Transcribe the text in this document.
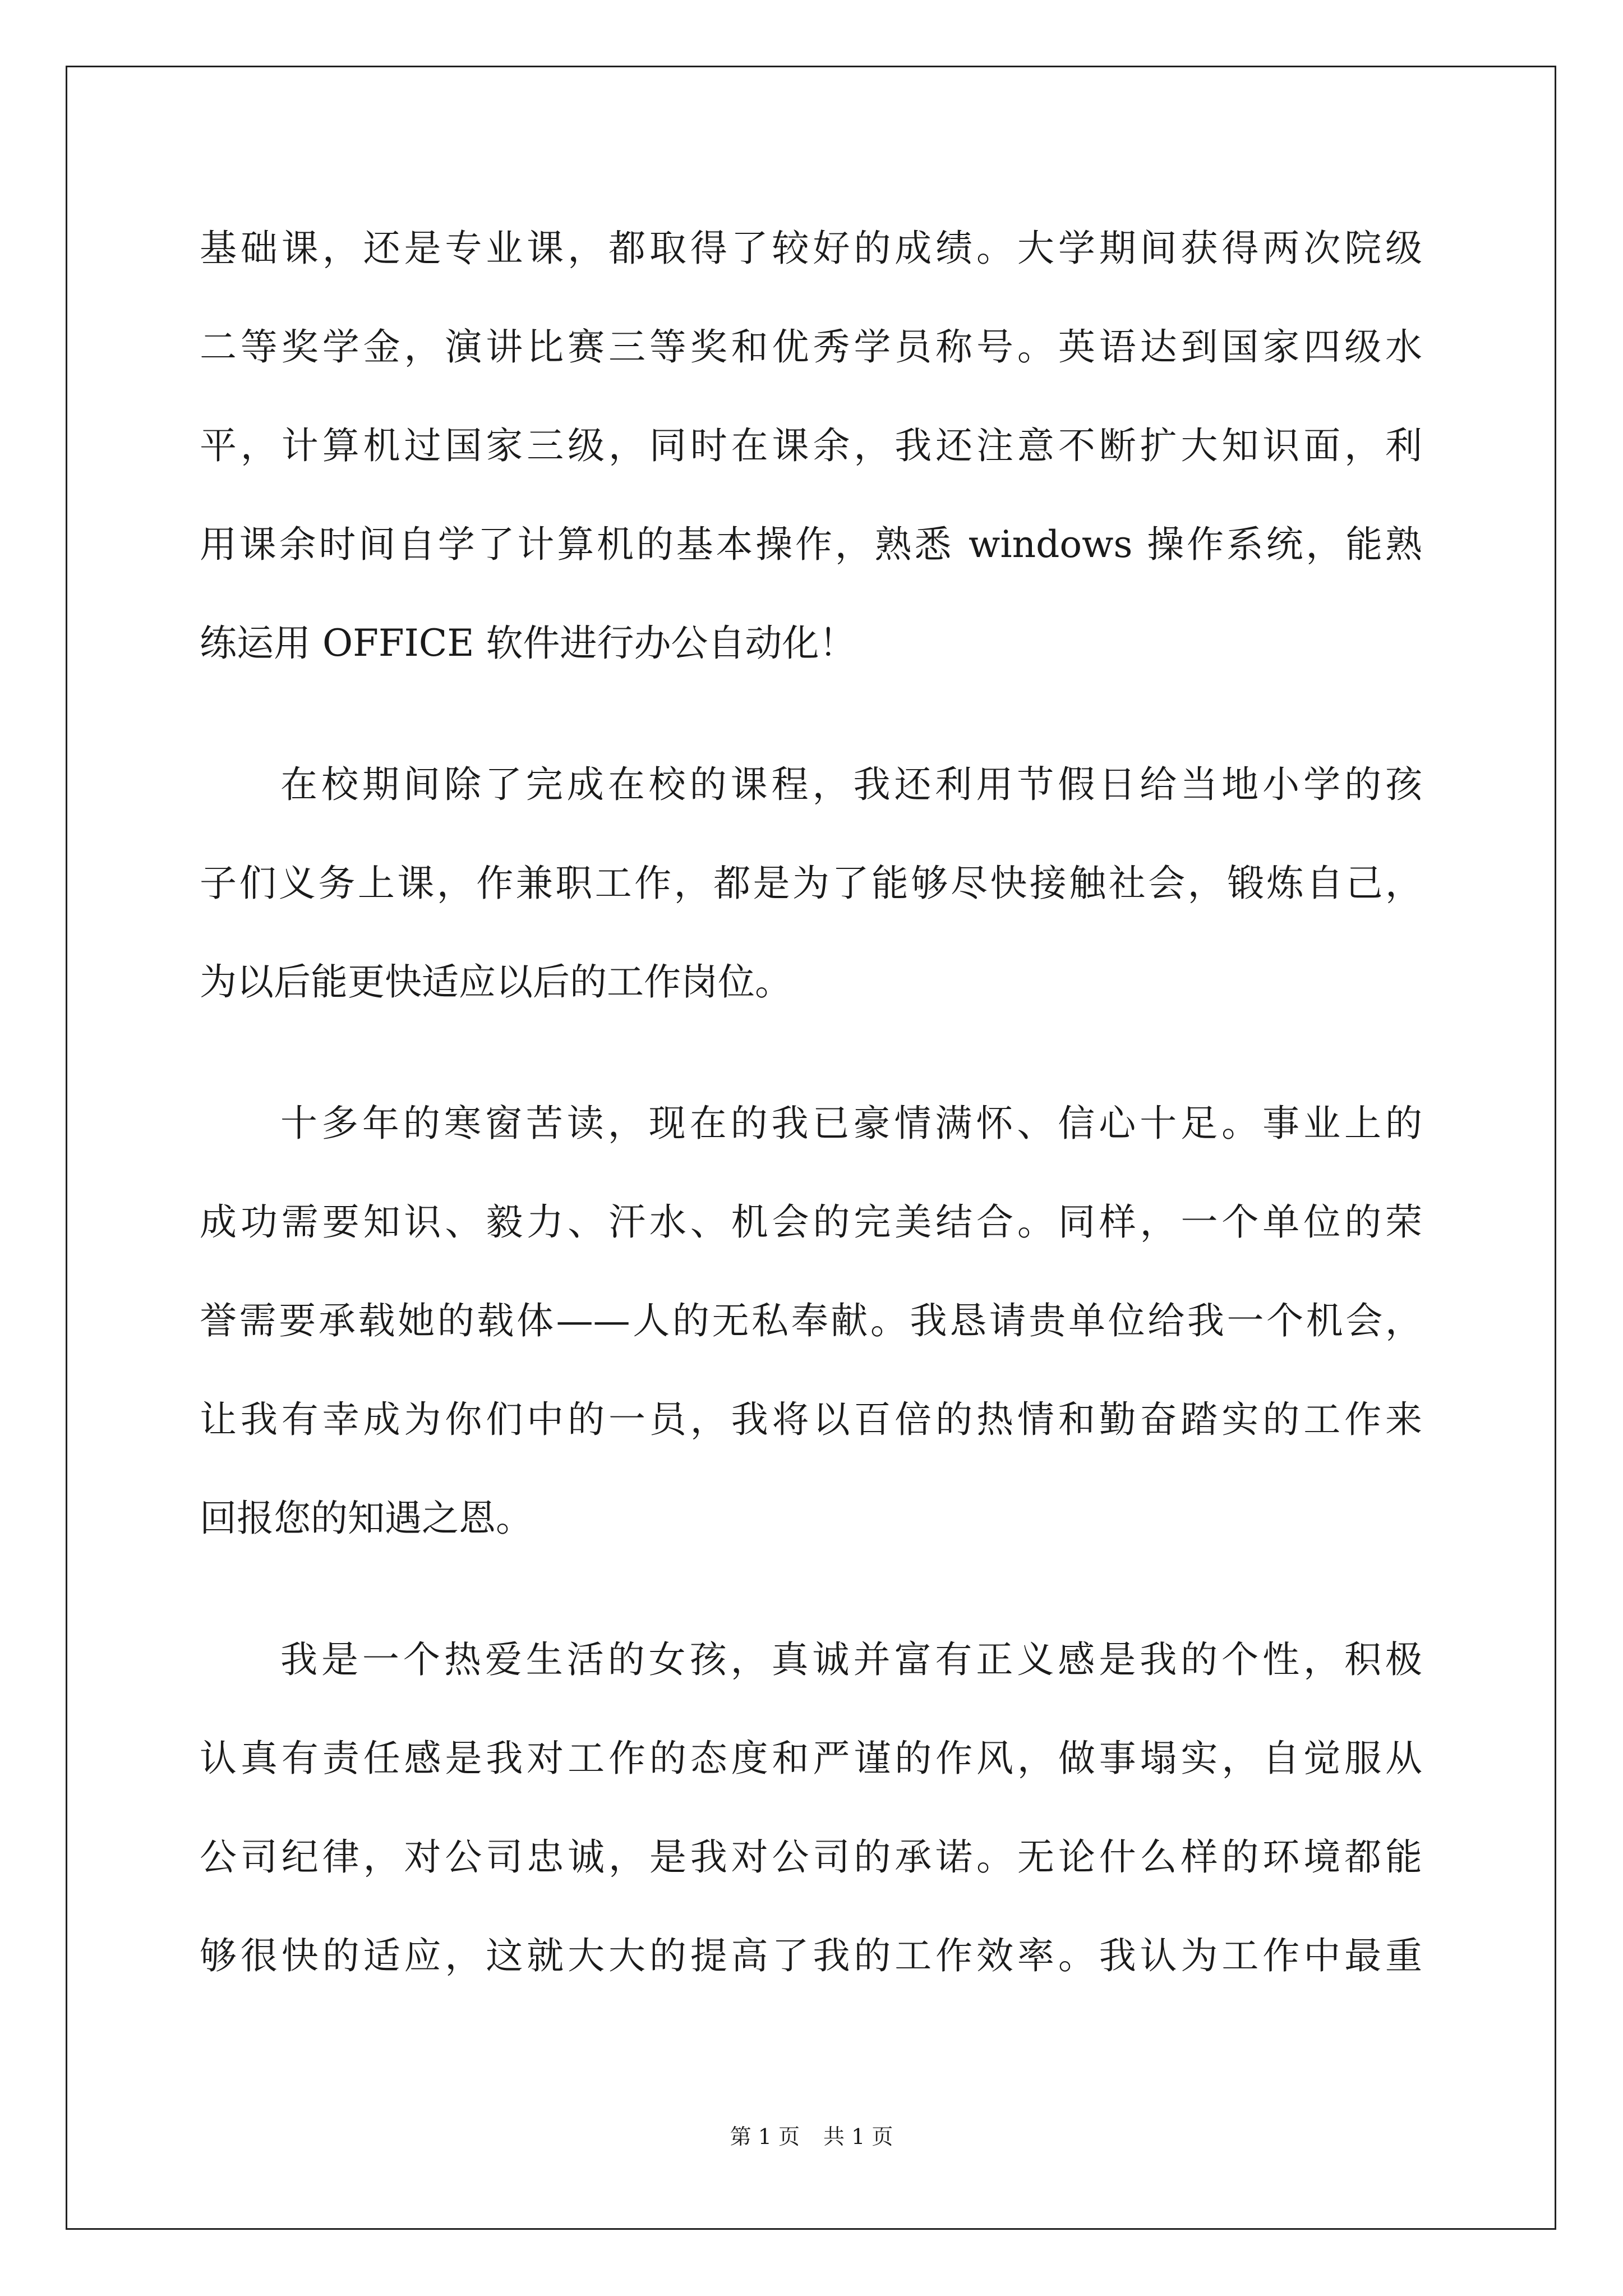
基础课，还是专业课，都取得了较好的成绩。大学期间获得两次院级

二等奖学金，演讲比赛三等奖和优秀学员称号。英语达到国家四级水

平，计算机过国家三级，同时在课余，我还注意不断扩大知识面，利

用课余时间自学了计算机的基本操作，熟悉 windows 操作系统，能熟

练运用 OFFICE 软件进行办公自动化！

在校期间除了完成在校的课程，我还利用节假日给当地小学的孩

子们义务上课，作兼职工作，都是为了能够尽快接触社会，锻炼自己，

为以后能更快适应以后的工作岗位。

十多年的寒窗苦读，现在的我已豪情满怀、信心十足。事业上的

成功需要知识、毅力、汗水、机会的完美结合。同样，一个单位的荣

誉需要承载她的载体——人的无私奉献。我恳请贵单位给我一个机会，

让我有幸成为你们中的一员，我将以百倍的热情和勤奋踏实的工作来

回报您的知遇之恩。

我是一个热爱生活的女孩，真诚并富有正义感是我的个性，积极

认真有责任感是我对工作的态度和严谨的作风，做事塌实，自觉服从

公司纪律，对公司忠诚，是我对公司的承诺。无论什么样的环境都能

够很快的适应，这就大大的提高了我的工作效率。我认为工作中最重

第 1 页 共 1 页
